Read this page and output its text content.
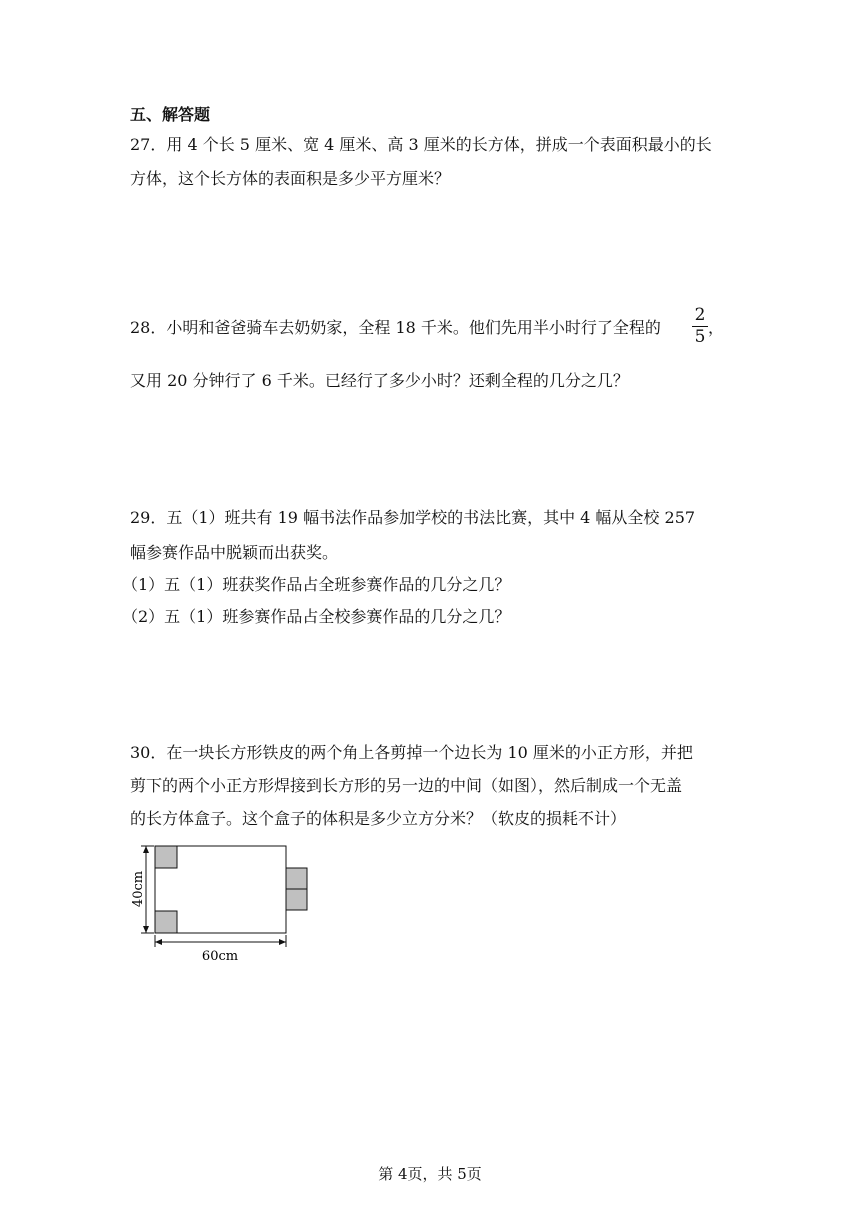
五、解答题
27．用 4 个长 5 厘米、宽 4 厘米、高 3 厘米的长方体，拼成一个表面积最小的长
方体，这个长方体的表面积是多少平方厘米？
28．小明和爸爸骑车去奶奶家，全程 18 千米。他们先用半小时行了全程的
2
5 ，
又用 20 分钟行了 6 千米。已经行了多少小时？还剩全程的几分之几？
29．五（1）班共有 19 幅书法作品参加学校的书法比赛，其中 4 幅从全校 257
幅参赛作品中脱颖而出获奖。
（1）五（1）班获奖作品占全班参赛作品的几分之几？
（2）五（1）班参赛作品占全校参赛作品的几分之几？
30．在一块长方形铁皮的两个角上各剪掉一个边长为 10 厘米的小正方形，并把
剪下的两个小正方形焊接到长方形的另一边的中间（如图），然后制成一个无盖
的长方体盒子。这个盒子的体积是多少立方分米？（软皮的损耗不计）
40cm
60cm
第 4页，共 5页
